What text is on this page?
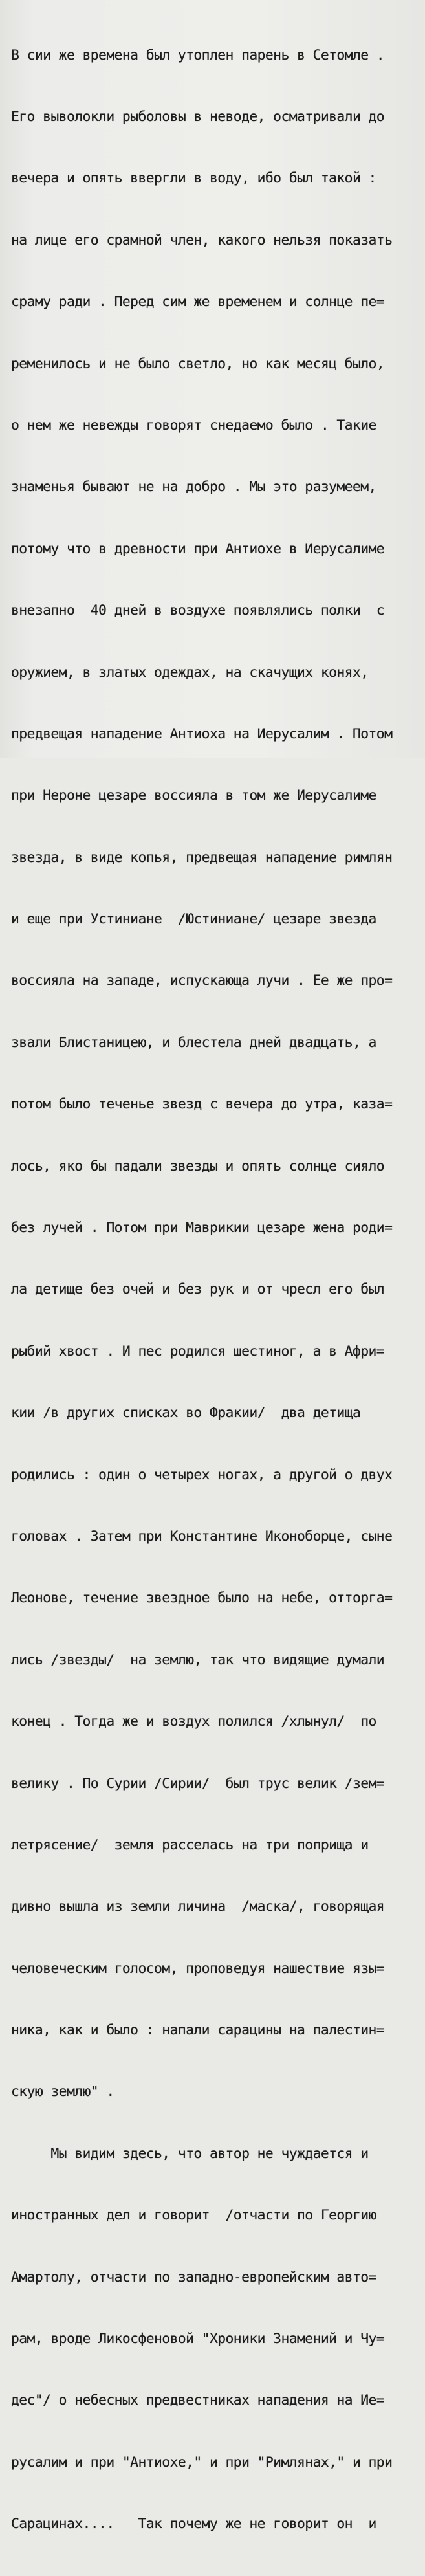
В сии же времена был утоплен парень в Сетомле .

Его выволокли рыболовы в неводе, осматривали до

вечера и опять ввергли в воду, ибо был такой :

на лице его срамной член, какого нельзя показать

сраму ради . Перед сим же временем и солнце пе=

ременилось и не было светло, но как месяц было,

о нем же невежды говорят снедаемо было . Такие

знаменья бывают не на добро . Мы это разумеем,

потому что в древности при Антиохе в Иерусалиме

внезапно  40 дней в воздухе появлялись полки  с

оружием, в златых одеждах, на скачущих конях,

предвещая нападение Антиоха на Иерусалим . Потом

при Нероне цезаре воссияла в том же Иерусалиме

звезда, в виде копья, предвещая нападение римлян

и еще при Устиниане  /Юстиниане/ цезаре звезда

воссияла на западе, испускающа лучи . Ее же про=

звали Блистаницею, и блестела дней двадцать, а

потом было теченье звезд с вечера до утра, каза=

лось, яко бы падали звезды и опять солнце сияло

без лучей . Потом при Маврикии цезаре жена роди=

ла детище без очей и без рук и от чресл его был

рыбий хвост . И пес родился шестиног, а в Афри=

кии /в других списках во Фракии/  два детища

родились : один о четырех ногах, а другой о двух

головах . Затем при Константине Иконоборце, сыне

Леонове, течение звездное было на небе, отторга=

лись /звезды/  на землю, так что видящие думали

конец . Тогда же и воздух полился /хлынул/  по

велику . По Сурии /Сирии/  был трус велик /зем=

летрясение/  земля расселась на три поприща и

дивно вышла из земли личина  /маска/, говорящая

человеческим голосом, проповедуя нашествие язы=

ника, как и было : напали сарацины на палестин=

скую землю" .

Мы видим здесь, что автор не чуждается и

иностранных дел и говорит  /отчасти по Георгию

Амартолу, отчасти по западно-европейским авто=

рам, вроде Ликосфеновой "Хроники Знамений и Чу=

дес"/ о небесных предвестниках нападения на Ие=

русалим и при "Антиохе," и при "Римлянах," и при

Сарацинах....   Так почему же не говорит он  и
